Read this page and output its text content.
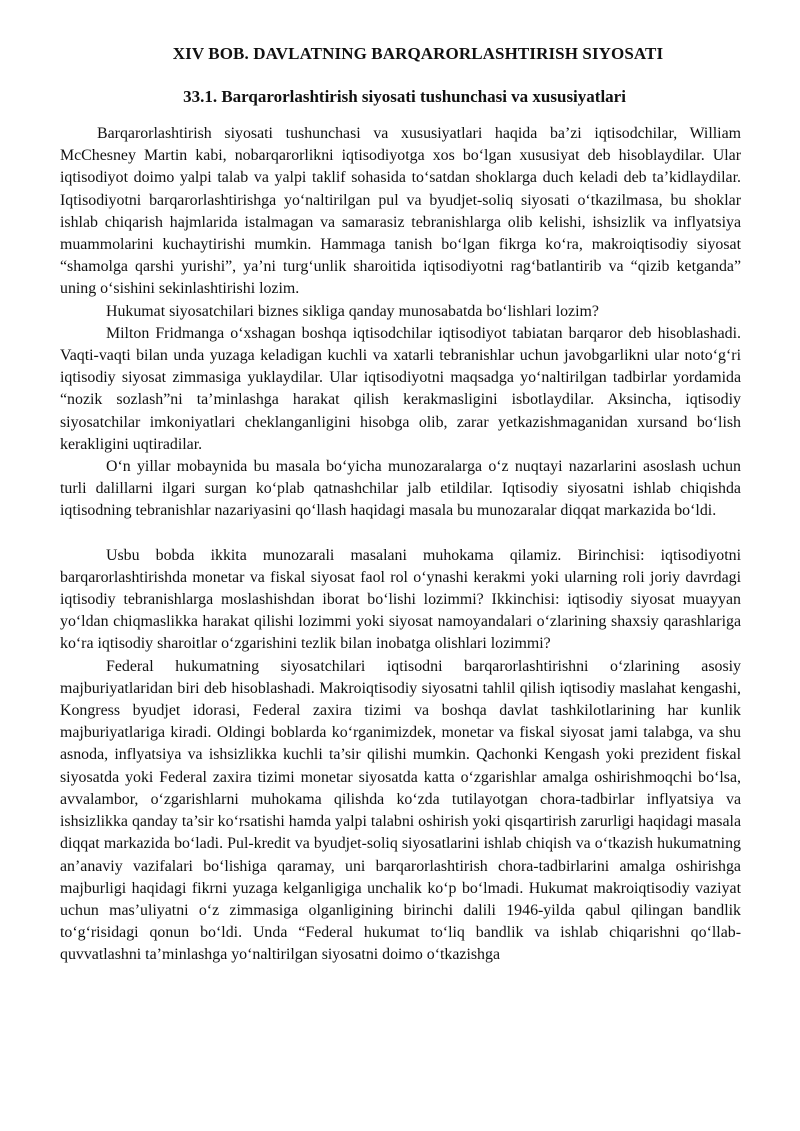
XIV BOB. DAVLATNING BARQARORLASHTIRISH SIYOSATI
33.1. Barqarorlashtirish siyosati tushunchasi va xususiyatlari

Barqarorlashtirish siyosati tushunchasi va xususiyatlari haqida ba’zi iqtisodchilar, William McChesney Martin kabi, nobarqarorlikni iqtisodiyotga xos bo‘lgan xususiyat deb hisoblaydilar. Ular iqtisodiyot doimo yalpi talab va yalpi taklif sohasida to‘satdan shoklarga duch keladi deb ta’kidlaydilar. Iqtisodiyotni barqarorlashtirishga yo‘naltirilgan pul va byudjet-soliq siyosati o‘tkazilmasa, bu shoklar ishlab chiqarish hajmlarida istalmagan va samarasiz tebranishlarga olib kelishi, ishsizlik va inflyatsiya muammolarini kuchaytirishi mumkin. Hammaga tanish bo‘lgan fikrga ko‘ra, makroiqtisodiy siyosat “shamolga qarshi yurishi”, ya’ni turg‘unlik sharoitida iqtisodiyotni rag‘batlantirib va “qizib ketganda” uning o‘sishini sekinlashtirishi lozim.

Hukumat siyosatchilari biznes sikliga qanday munosabatda bo‘lishlari lozim?

Milton Fridmanga o‘xshagan boshqa iqtisodchilar iqtisodiyot tabiatan barqaror deb hisoblashadi. Vaqti-vaqti bilan unda yuzaga keladigan kuchli va xatarli tebranishlar uchun javobgarlikni ular noto‘g‘ri iqtisodiy siyosat zimmasiga yuklaydilar. Ular iqtisodiyotni maqsadga yo‘naltirilgan tadbirlar yordamida “nozik sozlash”ni ta’minlashga harakat qilish kerakmasligini isbotlaydilar. Aksincha, iqtisodiy siyosatchilar imkoniyatlari cheklanganligini hisobga olib, zarar yetkazishmaganidan xursand bo‘lish kerakligini uqtiradilar.

O‘n yillar mobaynida bu masala bo‘yicha munozaralarga o‘z nuqtayi nazarlarini asoslash uchun turli dalillarni ilgari surgan ko‘plab qatnashchilar jalb etildilar. Iqtisodiy siyosatni ishlab chiqishda iqtisodning tebranishlar nazariyasini qo‘llash haqidagi masala bu munozaralar diqqat markazida bo‘ldi.

Usbu bobda ikkita munozarali masalani muhokama qilamiz. Birinchisi: iqtisodiyotni barqarorlashtirishda monetar va fiskal siyosat faol rol o‘ynashi kerakmi yoki ularning roli joriy davrdagi iqtisodiy tebranishlarga moslashishdan iborat bo‘lishi lozimmi? Ikkinchisi: iqtisodiy siyosat muayyan yo‘ldan chiqmaslikka harakat qilishi lozimmi yoki siyosat namoyandalari o‘zlarining shaxsiy qarashlariga ko‘ra iqtisodiy sharoitlar o‘zgarishini tezlik bilan inobatga olishlari lozimmi?

Federal hukumatning siyosatchilari iqtisodni barqarorlashtirishni o‘zlarining asosiy majburiyatlaridan biri deb hisoblashadi. Makroiqtisodiy siyosatni tahlil qilish iqtisodiy maslahat kengashi, Kongress byudjet idorasi, Federal zaxira tizimi va boshqa davlat tashkilotlarining har kunlik majburiyatlariga kiradi. Oldingi boblarda ko‘rganimizdek, monetar va fiskal siyosat jami talabga, va shu asnoda, inflyatsiya va ishsizlikka kuchli ta’sir qilishi mumkin. Qachonki Kengash yoki prezident fiskal siyosatda yoki Federal zaxira tizimi monetar siyosatda katta o‘zgarishlar amalga oshirishmoqchi bo‘lsa, avvalambor, o‘zgarishlarni muhokama qilishda ko‘zda tutilayotgan chora-tadbirlar inflyatsiya va ishsizlikka qanday ta’sir ko‘rsatishi hamda yalpi talabni oshirish yoki qisqartirish zarurligi haqidagi masala diqqat markazida bo‘ladi. Pul-kredit va byudjet-soliq siyosatlarini ishlab chiqish va o‘tkazish hukumatning an’anaviy vazifalari bo‘lishiga qaramay, uni barqarorlashtirish chora-tadbirlarini amalga oshirishga majburligi haqidagi fikrni yuzaga kelganligiga unchalik ko‘p bo‘lmadi. Hukumat makroiqtisodiy vaziyat uchun mas’uliyatni o‘z zimmasiga olganligining birinchi dalili 1946-yilda qabul qilingan bandlik to‘g‘risidagi qonun bo‘ldi. Unda “Federal hukumat to‘liq bandlik va ishlab chiqarishni qo‘llab-quvvatlashni ta’minlashga yo‘naltirilgan siyosatni doimo o‘tkazishga
